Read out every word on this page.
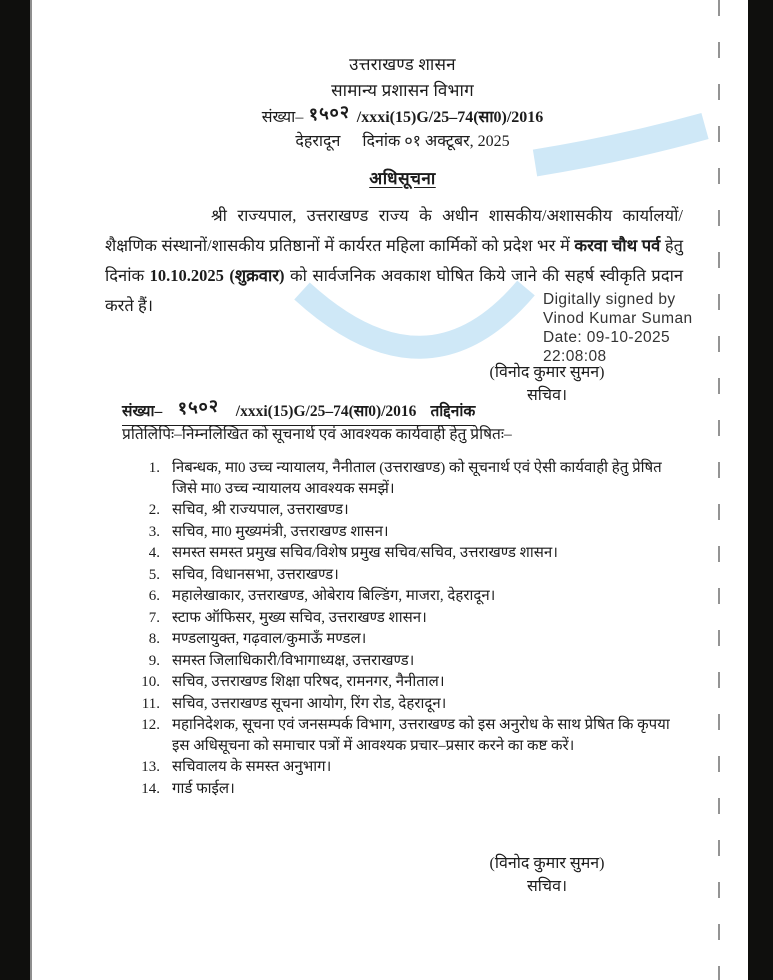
उत्तराखण्ड शासन
सामान्य प्रशासन विभाग
संख्या– १५०२ /xxxi(15)G/25–74(सा0)/2016
देहरादून दिनांक ०१ अक्टूबर, 2025
अधिसूचना
श्री राज्यपाल, उत्तराखण्ड राज्य के अधीन शासकीय/अशासकीय कार्यालयों/शैक्षणिक संस्थानों/शासकीय प्रतिष्ठानों में कार्यरत महिला कार्मिकों को प्रदेश भर में करवा चौथ पर्व हेतु दिनांक 10.10.2025 (शुक्रवार) को सार्वजनिक अवकाश घोषित किये जाने की सहर्ष स्वीकृति प्रदान करते हैं।	Digitally signed by
Vinod Kumar Suman
Date: 09-10-2025
22:08:08
(विनोद कुमार सुमन)
सचिव।
संख्या– १५०२ /xxxi(15)G/25–74(सा0)/2016 तद्दिनांक
प्रतिलिपिः–निम्नलिखित को सूचनार्थ एवं आवश्यक कार्यवाही हेतु प्रेषितः–
1. निबन्धक, मा0 उच्च न्यायालय, नैनीताल (उत्तराखण्ड) को सूचनार्थ एवं ऐसी कार्यवाही हेतु प्रेषित जिसे मा0 उच्च न्यायालय आवश्यक समझें।
2. सचिव, श्री राज्यपाल, उत्तराखण्ड।
3. सचिव, मा0 मुख्यमंत्री, उत्तराखण्ड शासन।
4. समस्त समस्त प्रमुख सचिव/विशेष प्रमुख सचिव/सचिव, उत्तराखण्ड शासन।
5. सचिव, विधानसभा, उत्तराखण्ड।
6. महालेखाकार, उत्तराखण्ड, ओबेराय बिल्डिंग, माजरा, देहरादून।
7. स्टाफ ऑफिसर, मुख्य सचिव, उत्तराखण्ड शासन।
8. मण्डलायुक्त, गढ़वाल/कुमाऊँ मण्डल।
9. समस्त जिलाधिकारी/विभागाध्यक्ष, उत्तराखण्ड।
10. सचिव, उत्तराखण्ड शिक्षा परिषद, रामनगर, नैनीताल।
11. सचिव, उत्तराखण्ड सूचना आयोग, रिंग रोड, देहरादून।
12. महानिदेशक, सूचना एवं जनसम्पर्क विभाग, उत्तराखण्ड को इस अनुरोध के साथ प्रेषित कि कृपया इस अधिसूचना को समाचार पत्रों में आवश्यक प्रचार–प्रसार करने का कष्ट करें।
13. सचिवालय के समस्त अनुभाग।
14. गार्ड फाईल।
(विनोद कुमार सुमन)
सचिव।
